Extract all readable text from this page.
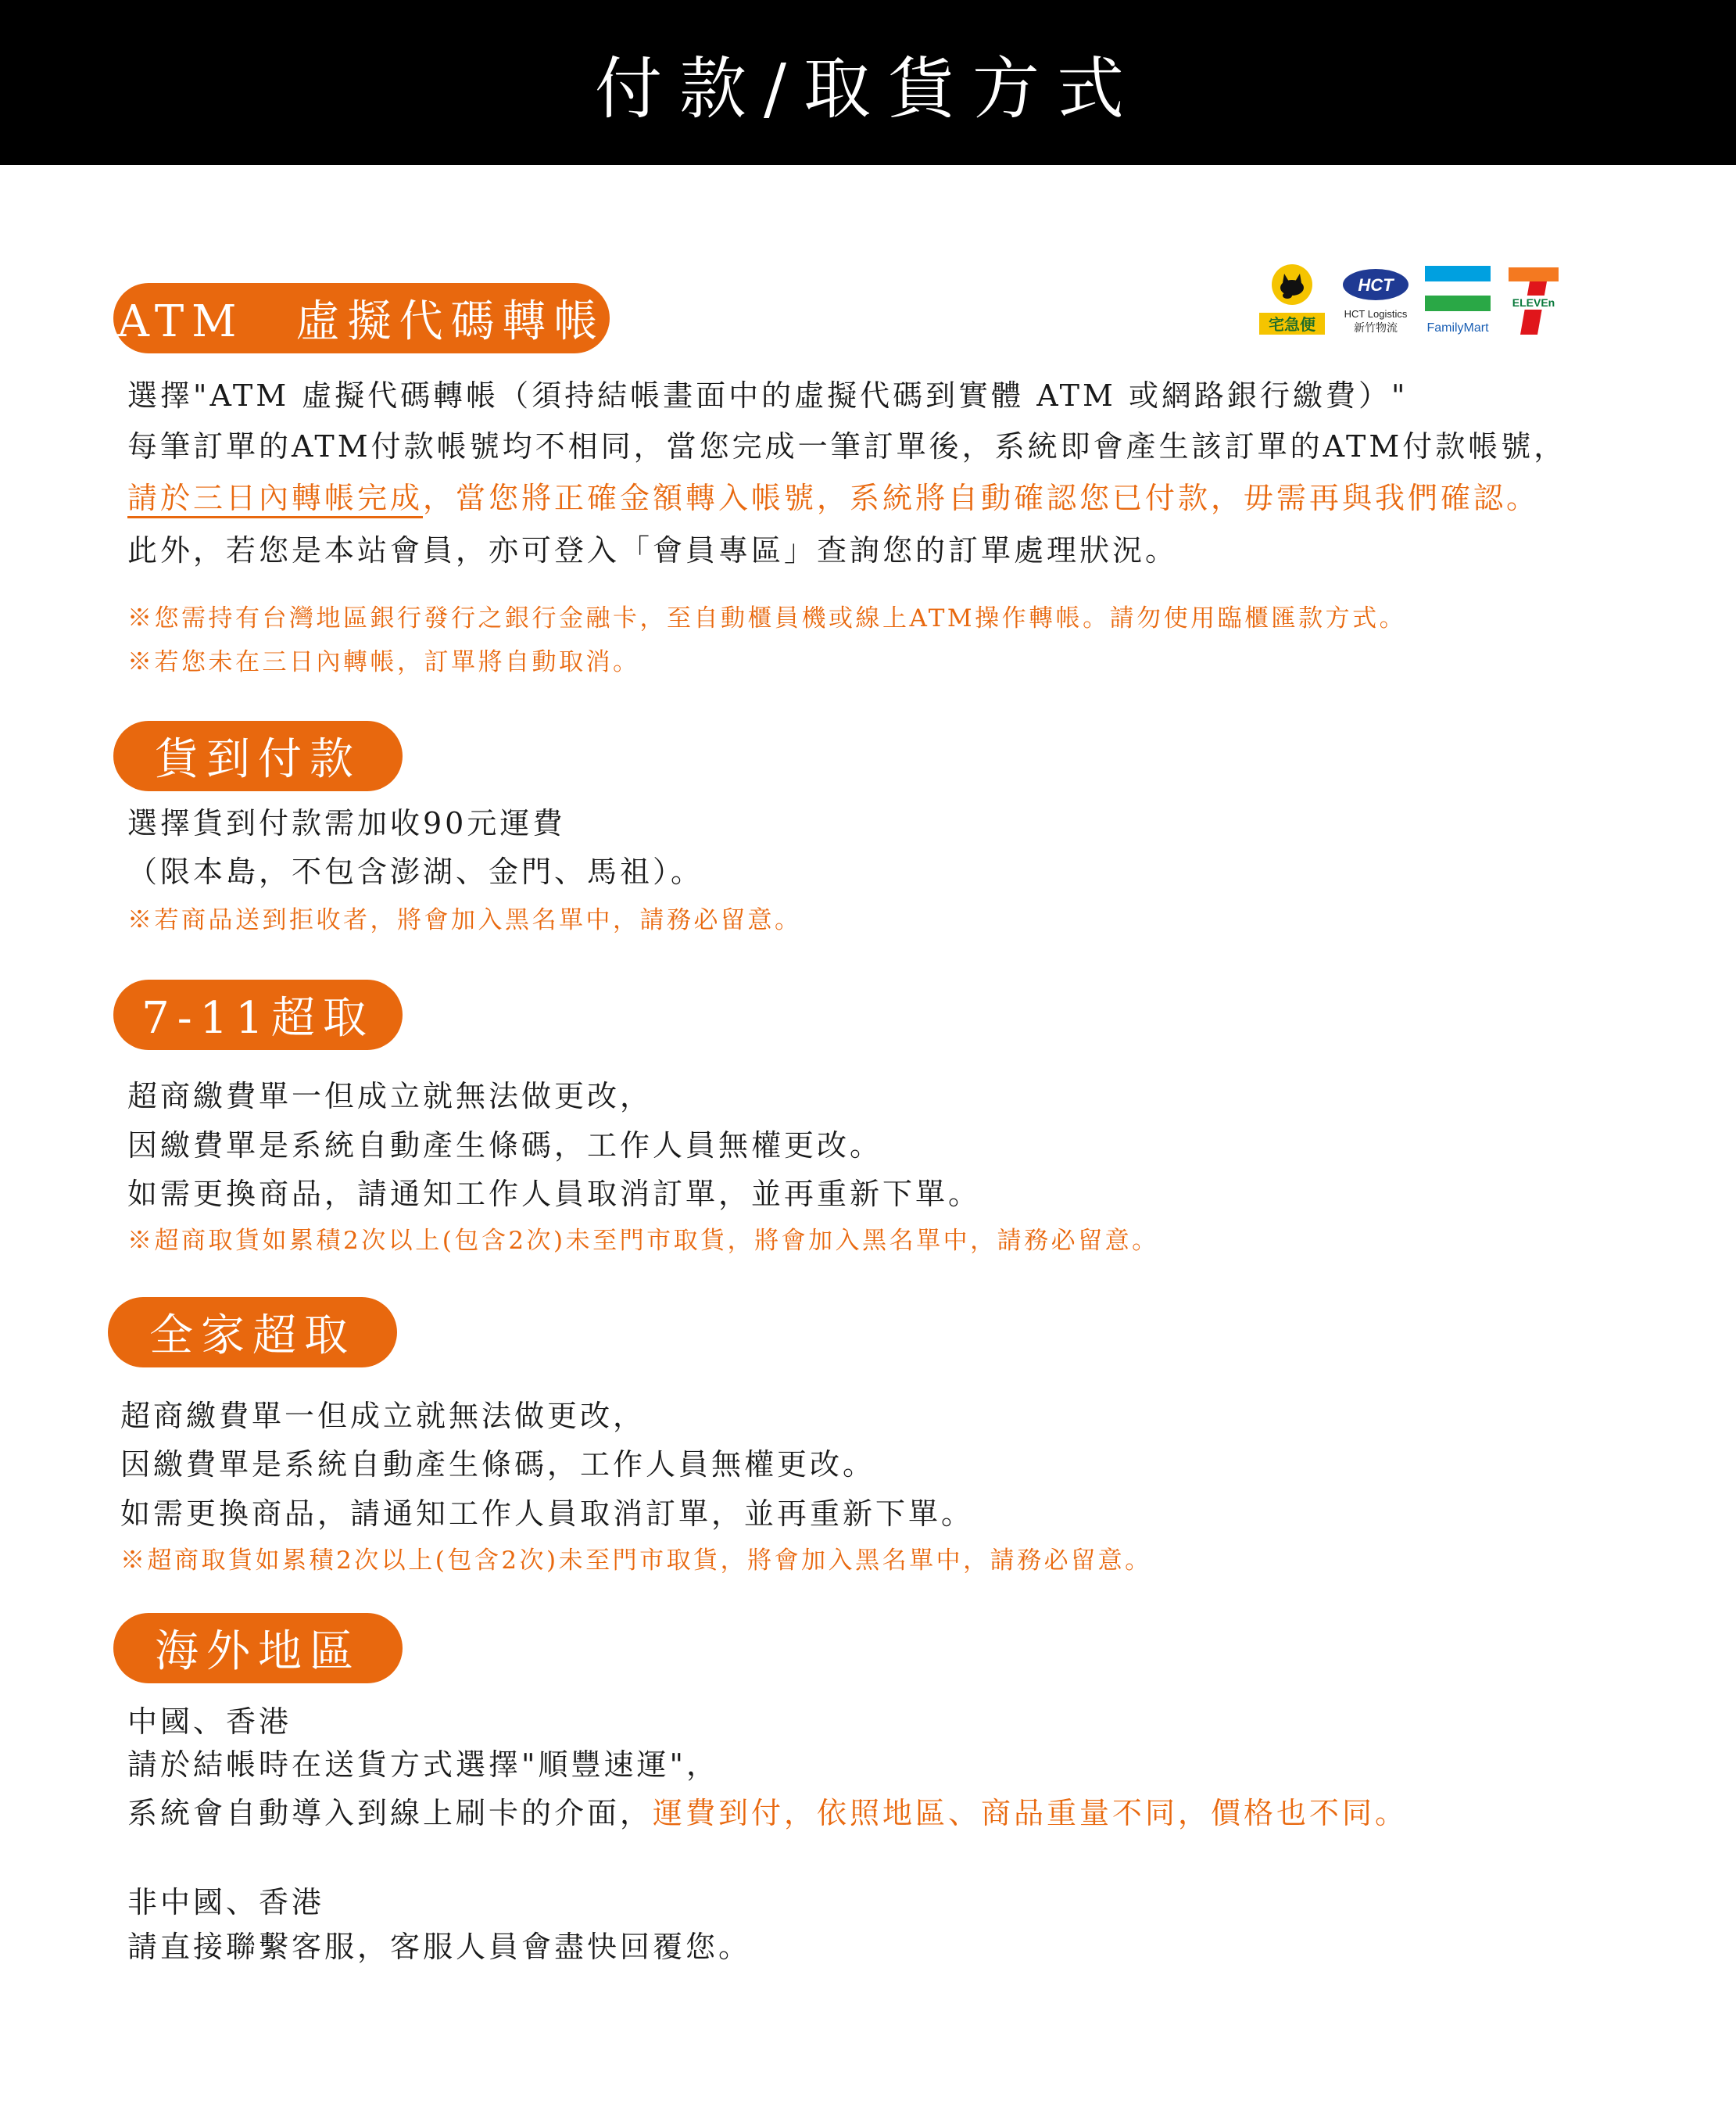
付款/取貨方式
宅急便
HCT
HCT Logistics
新竹物流 FamilyMart
ELEVEn
ATM　虛擬代碼轉帳
選擇"ATM 虛擬代碼轉帳（須持結帳畫面中的虛擬代碼到實體 ATM 或網路銀行繳費）"
每筆訂單的ATM付款帳號均不相同，當您完成一筆訂單後，系統即會產生該訂單的ATM付款帳號，
請於三日內轉帳完成，當您將正確金額轉入帳號，系統將自動確認您已付款，毋需再與我們確認。
此外，若您是本站會員，亦可登入「會員專區」查詢您的訂單處理狀況。
※您需持有台灣地區銀行發行之銀行金融卡，至自動櫃員機或線上ATM操作轉帳。請勿使用臨櫃匯款方式。
※若您未在三日內轉帳，訂單將自動取消。
貨到付款
選擇貨到付款需加收90元運費
（限本島，不包含澎湖、金門、馬祖）。
※若商品送到拒收者，將會加入黑名單中，請務必留意。
7-11超取
超商繳費單一但成立就無法做更改，
因繳費單是系統自動產生條碼，工作人員無權更改。
如需更換商品，請通知工作人員取消訂單，並再重新下單。
※超商取貨如累積2次以上(包含2次)未至門市取貨，將會加入黑名單中，請務必留意。
全家超取
超商繳費單一但成立就無法做更改，
因繳費單是系統自動產生條碼，工作人員無權更改。
如需更換商品，請通知工作人員取消訂單，並再重新下單。
※超商取貨如累積2次以上(包含2次)未至門市取貨，將會加入黑名單中，請務必留意。
海外地區
中國、香港
請於結帳時在送貨方式選擇"順豐速運"，
系統會自動導入到線上刷卡的介面，運費到付，依照地區、商品重量不同，價格也不同。
非中國、香港
請直接聯繫客服，客服人員會盡快回覆您。
